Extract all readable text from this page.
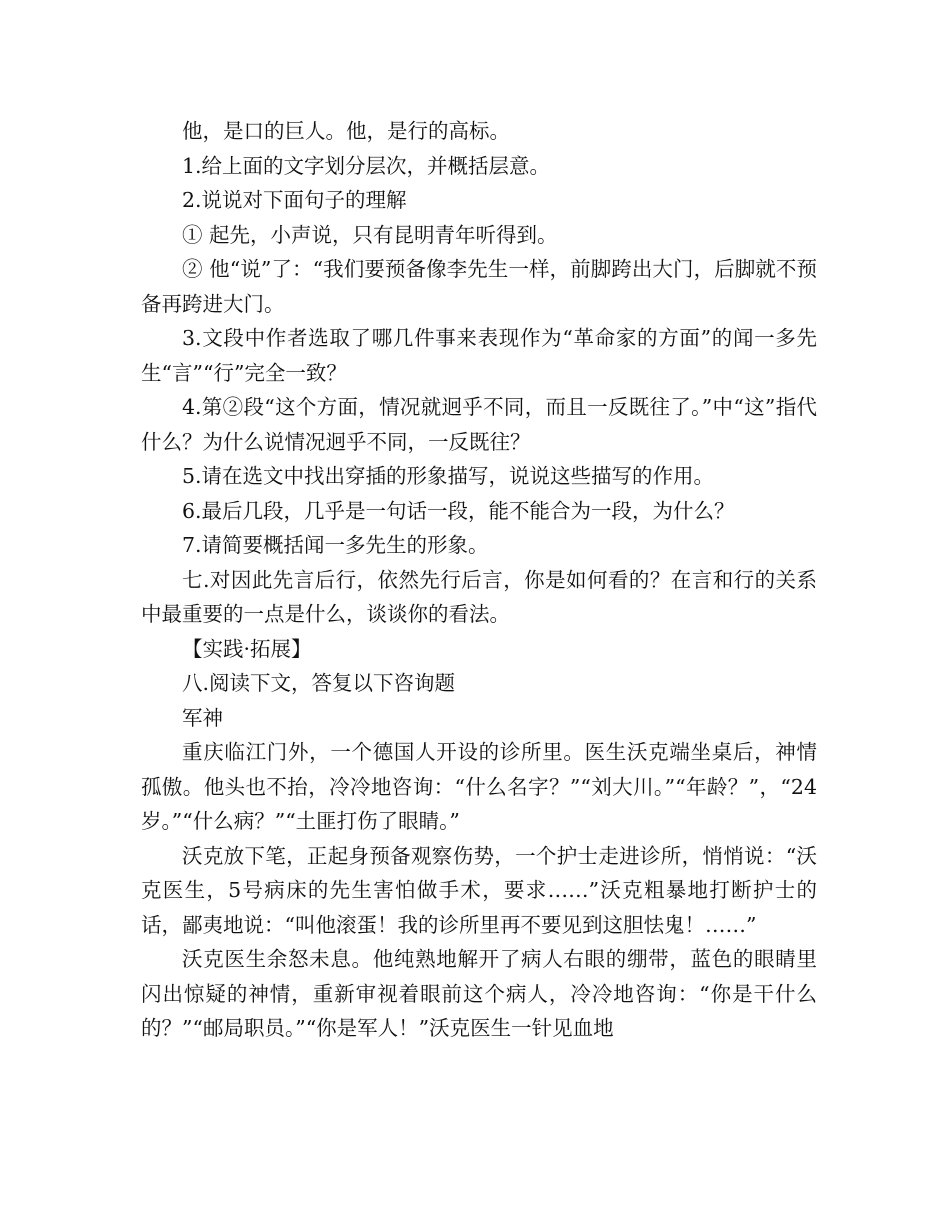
他，是口的巨人。他，是行的高标。

1.给上面的文字划分层次，并概括层意。

2.说说对下面句子的理解

① 起先，小声说，只有昆明青年听得到。

② 他“说”了：“我们要预备像李先生一样，前脚跨出大门，后脚就不预备再跨进大门。

3.文段中作者选取了哪几件事来表现作为“革命家的方面”的闻一多先生“言”“行”完全一致？

4.第②段“这个方面，情况就迥乎不同，而且一反既往了。”中“这”指代什么？为什么说情况迥乎不同，一反既往？

5.请在选文中找出穿插的形象描写，说说这些描写的作用。

6.最后几段，几乎是一句话一段，能不能合为一段，为什么？

7.请简要概括闻一多先生的形象。

七.对因此先言后行，依然先行后言，你是如何看的？在言和行的关系中最重要的一点是什么，谈谈你的看法。

【实践·拓展】

八.阅读下文，答复以下咨询题

军神

重庆临江门外，一个德国人开设的诊所里。医生沃克端坐桌后，神情孤傲。他头也不抬，冷冷地咨询：“什么名字？”“刘大川。”“年龄？”，“24岁。”“什么病？”“土匪打伤了眼睛。”

沃克放下笔，正起身预备观察伤势，一个护士走进诊所，悄悄说：“沃克医生，5号病床的先生害怕做手术，要求……”沃克粗暴地打断护士的话，鄙夷地说：“叫他滚蛋！我的诊所里再不要见到这胆怯鬼！……”

沃克医生余怒未息。他纯熟地解开了病人右眼的绷带，蓝色的眼睛里闪出惊疑的神情，重新审视着眼前这个病人，冷冷地咨询：“你是干什么的？”“邮局职员。”“你是军人！”沃克医生一针见血地
